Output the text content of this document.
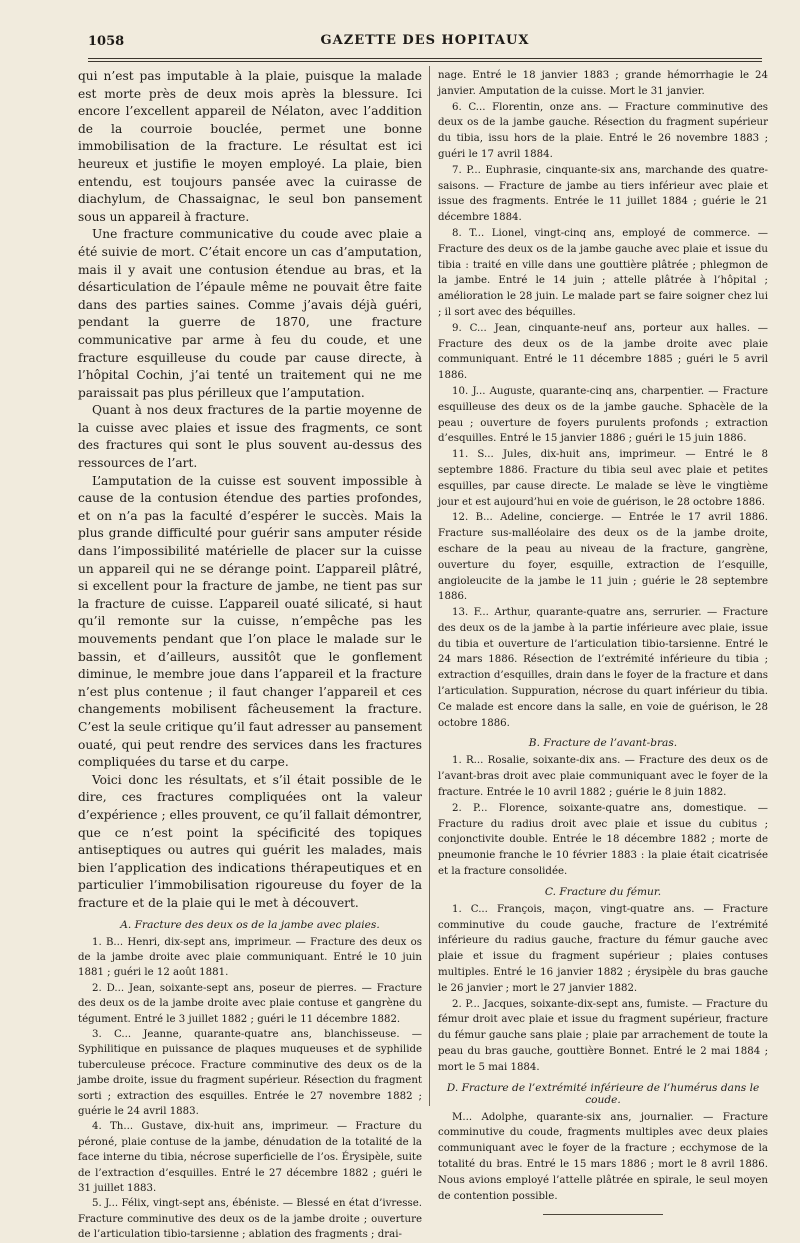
1058	GAZETTE DES HOPITAUX

qui n’est pas imputable à la plaie, puisque la malade est morte près de deux mois après la blessure. Ici encore l’excellent appareil de Nélaton, avec l’addition de la courroie bouclée, permet une bonne immobilisation de la fracture. Le résultat est ici heureux et justifie le moyen employé. La plaie, bien entendu, est toujours pansée avec la cuirasse de diachylum, de Chassaignac, le seul bon pansement sous un appareil à fracture.

Une fracture communicative du coude avec plaie a été suivie de mort. C’était encore un cas d’amputation, mais il y avait une contusion étendue au bras, et la désarticulation de l’épaule même ne pouvait être faite dans des parties saines. Comme j’avais déjà guéri, pendant la guerre de 1870, une fracture communicative par arme à feu du coude, et une fracture esquilleuse du coude par cause directe, à l’hôpital Cochin, j’ai tenté un traitement qui ne me paraissait pas plus périlleux que l’amputation.

Quant à nos deux fractures de la partie moyenne de la cuisse avec plaies et issue des fragments, ce sont des fractures qui sont le plus souvent au-dessus des ressources de l’art.

L’amputation de la cuisse est souvent impossible à cause de la contusion étendue des parties profondes, et on n’a pas la faculté d’espérer le succès. Mais la plus grande difficulté pour guérir sans amputer réside dans l’impossibilité matérielle de placer sur la cuisse un appareil qui ne se dérange point. L’appareil plâtré, si excellent pour la fracture de jambe, ne tient pas sur la fracture de cuisse. L’appareil ouaté silicaté, si haut qu’il remonte sur la cuisse, n’empêche pas les mouvements pendant que l’on place le malade sur le bassin, et d’ailleurs, aussitôt que le gonflement diminue, le membre joue dans l’appareil et la fracture n’est plus contenue ; il faut changer l’appareil et ces changements mobilisent fâcheusement la fracture. C’est la seule critique qu’il faut adresser au pansement ouaté, qui peut rendre des services dans les fractures compliquées du tarse et du carpe.

Voici donc les résultats, et s’il était possible de le dire, ces fractures compliquées ont la valeur d’expérience ; elles prouvent, ce qu’il fallait démontrer, que ce n’est point la spécificité des topiques antiseptiques ou autres qui guérit les malades, mais bien l’application des indications thérapeutiques et en particulier l’immobilisation rigoureuse du foyer de la fracture et de la plaie qui le met à découvert.

A. Fracture des deux os de la jambe avec plaies.

1. B... Henri, dix-sept ans, imprimeur. — Fracture des deux os de la jambe droite avec plaie communiquant. Entré le 10 juin 1881 ; guéri le 12 août 1881.

2. D... Jean, soixante-sept ans, poseur de pierres. — Fracture des deux os de la jambe droite avec plaie contuse et gangrène du tégument. Entré le 3 juillet 1882 ; guéri le 11 décembre 1882.

3. C... Jeanne, quarante-quatre ans, blanchisseuse. — Syphilitique en puissance de plaques muqueuses et de syphilide tuberculeuse précoce. Fracture comminutive des deux os de la jambe droite, issue du fragment supérieur. Résection du fragment sorti ; extraction des esquilles. Entrée le 27 novembre 1882 ; guérie le 24 avril 1883.

4. Th... Gustave, dix-huit ans, imprimeur. — Fracture du péroné, plaie contuse de la jambe, dénudation de la totalité de la face interne du tibia, nécrose superficielle de l’os. Érysipèle, suite de l’extraction d’esquilles. Entré le 27 décembre 1882 ; guéri le 31 juillet 1883.

5. J... Félix, vingt-sept ans, ébéniste. — Blessé en état d’ivresse. Fracture comminutive des deux os de la jambe droite ; ouverture de l’articulation tibio-tarsienne ; ablation des fragments ; drai-

nage. Entré le 18 janvier 1883 ; grande hémorrhagie le 24 janvier. Amputation de la cuisse. Mort le 31 janvier.

6. C... Florentin, onze ans. — Fracture comminutive des deux os de la jambe gauche. Résection du fragment supérieur du tibia, issu hors de la plaie. Entré le 26 novembre 1883 ; guéri le 17 avril 1884.

7. P... Euphrasie, cinquante-six ans, marchande des quatre-saisons. — Fracture de jambe au tiers inférieur avec plaie et issue des fragments. Entrée le 11 juillet 1884 ; guérie le 21 décembre 1884.

8. T... Lionel, vingt-cinq ans, employé de commerce. — Fracture des deux os de la jambe gauche avec plaie et issue du tibia : traité en ville dans une gouttière plâtrée ; phlegmon de la jambe. Entré le 14 juin ; attelle plâtrée à l’hôpital ; amélioration le 28 juin. Le malade part se faire soigner chez lui ; il sort avec des béquilles.

9. C... Jean, cinquante-neuf ans, porteur aux halles. — Fracture des deux os de la jambe droite avec plaie communiquant. Entré le 11 décembre 1885 ; guéri le 5 avril 1886.

10. J... Auguste, quarante-cinq ans, charpentier. — Fracture esquilleuse des deux os de la jambe gauche. Sphacèle de la peau ; ouverture de foyers purulents profonds ; extraction d’esquilles. Entré le 15 janvier 1886 ; guéri le 15 juin 1886.

11. S... Jules, dix-huit ans, imprimeur. — Entré le 8 septembre 1886. Fracture du tibia seul avec plaie et petites esquilles, par cause directe. Le malade se lève le vingtième jour et est aujourd’hui en voie de guérison, le 28 octobre 1886.

12. B... Adeline, concierge. — Entrée le 17 avril 1886. Fracture sus-malléolaire des deux os de la jambe droite, eschare de la peau au niveau de la fracture, gangrène, ouverture du foyer, esquille, extraction de l’esquille, angioleucite de la jambe le 11 juin ; guérie le 28 septembre 1886.

13. F... Arthur, quarante-quatre ans, serrurier. — Fracture des deux os de la jambe à la partie inférieure avec plaie, issue du tibia et ouverture de l’articulation tibio-tarsienne. Entré le 24 mars 1886. Résection de l’extrémité inférieure du tibia ; extraction d’esquilles, drain dans le foyer de la fracture et dans l’articulation. Suppuration, nécrose du quart inférieur du tibia. Ce malade est encore dans la salle, en voie de guérison, le 28 octobre 1886.

B. Fracture de l’avant-bras.

1. R... Rosalie, soixante-dix ans. — Fracture des deux os de l’avant-bras droit avec plaie communiquant avec le foyer de la fracture. Entrée le 10 avril 1882 ; guérie le 8 juin 1882.

2. P... Florence, soixante-quatre ans, domestique. — Fracture du radius droit avec plaie et issue du cubitus ; conjonctivite double. Entrée le 18 décembre 1882 ; morte de pneumonie franche le 10 février 1883 : la plaie était cicatrisée et la fracture consolidée.

C. Fracture du fémur.

1. C... François, maçon, vingt-quatre ans. — Fracture comminutive du coude gauche, fracture de l’extrémité inférieure du radius gauche, fracture du fémur gauche avec plaie et issue du fragment supérieur ; plaies contuses multiples. Entré le 16 janvier 1882 ; érysipèle du bras gauche le 26 janvier ; mort le 27 janvier 1882.

2. P... Jacques, soixante-dix-sept ans, fumiste. — Fracture du fémur droit avec plaie et issue du fragment supérieur, fracture du fémur gauche sans plaie ; plaie par arrachement de toute la peau du bras gauche, gouttière Bonnet. Entré le 2 mai 1884 ; mort le 5 mai 1884.

D. Fracture de l’extrémité inférieure de l’humérus dans le coude.

M... Adolphe, quarante-six ans, journalier. — Fracture comminutive du coude, fragments multiples avec deux plaies communiquant avec le foyer de la fracture ; ecchymose de la totalité du bras. Entré le 15 mars 1886 ; mort le 8 avril 1886. Nous avions employé l’attelle plâtrée en spirale, le seul moyen de contention possible.
